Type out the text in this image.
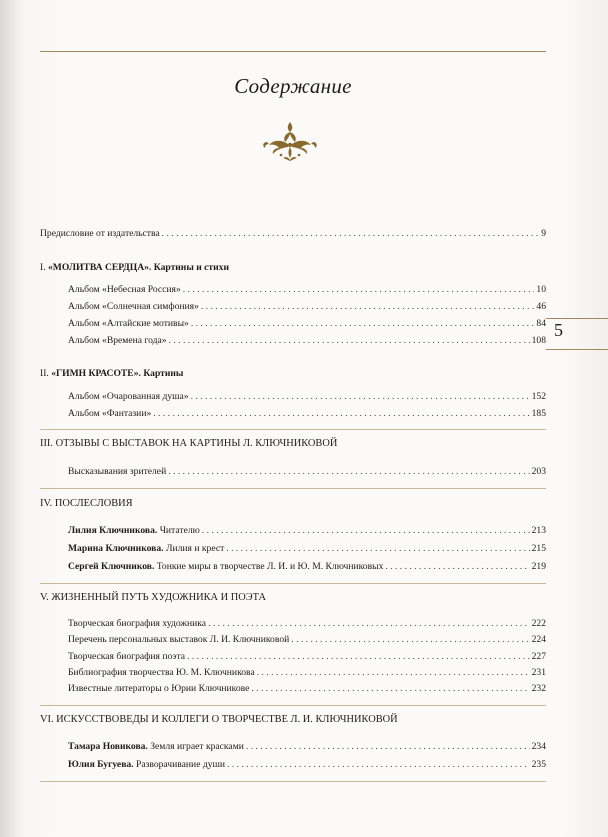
Содержание
5
Предисловие от издательства . . .	9
I. «МОЛИТВА СЕРДЦА». Картины и стихи
Альбом «Небесная Россия» . . .	10
Альбом «Солнечная симфония» . . .	46
Альбом «Алтайские мотивы» . . .	84
Альбом «Времена года» . . .	108
II. «ГИМН КРАСОТЕ». Картины
Альбом «Очарованная душа» . . .	152
Альбом «Фантазии» . . .	185
III. ОТЗЫВЫ С ВЫСТАВОК НА КАРТИНЫ Л. КЛЮЧНИКОВОЙ
Высказывания зрителей . . .	203
IV. ПОСЛЕСЛОВИЯ
Лилия Ключникова. Читателю . . .	213
Марина Ключникова. Лилия и крест . . .	215
Сергей Ключников. Тонкие миры в творчестве Л. И. и Ю. М. Ключниковых . . .	219
V. ЖИЗНЕННЫЙ ПУТЬ ХУДОЖНИКА И ПОЭТА
Творческая биография художника . . .	222
Перечень персональных выставок Л. И. Ключниковой . . .	224
Творческая биография поэта . . .	227
Библиография творчества Ю. М. Ключникова . . .	231
Известные литераторы о Юрии Ключникове . . .	232
VI. ИСКУССТВОВЕДЫ И КОЛЛЕГИ О ТВОРЧЕСТВЕ Л. И. КЛЮЧНИКОВОЙ
Тамара Новикова. Земля играет красками . . .	234
Юлия Бугуева. Разворачивание души . . .	235
